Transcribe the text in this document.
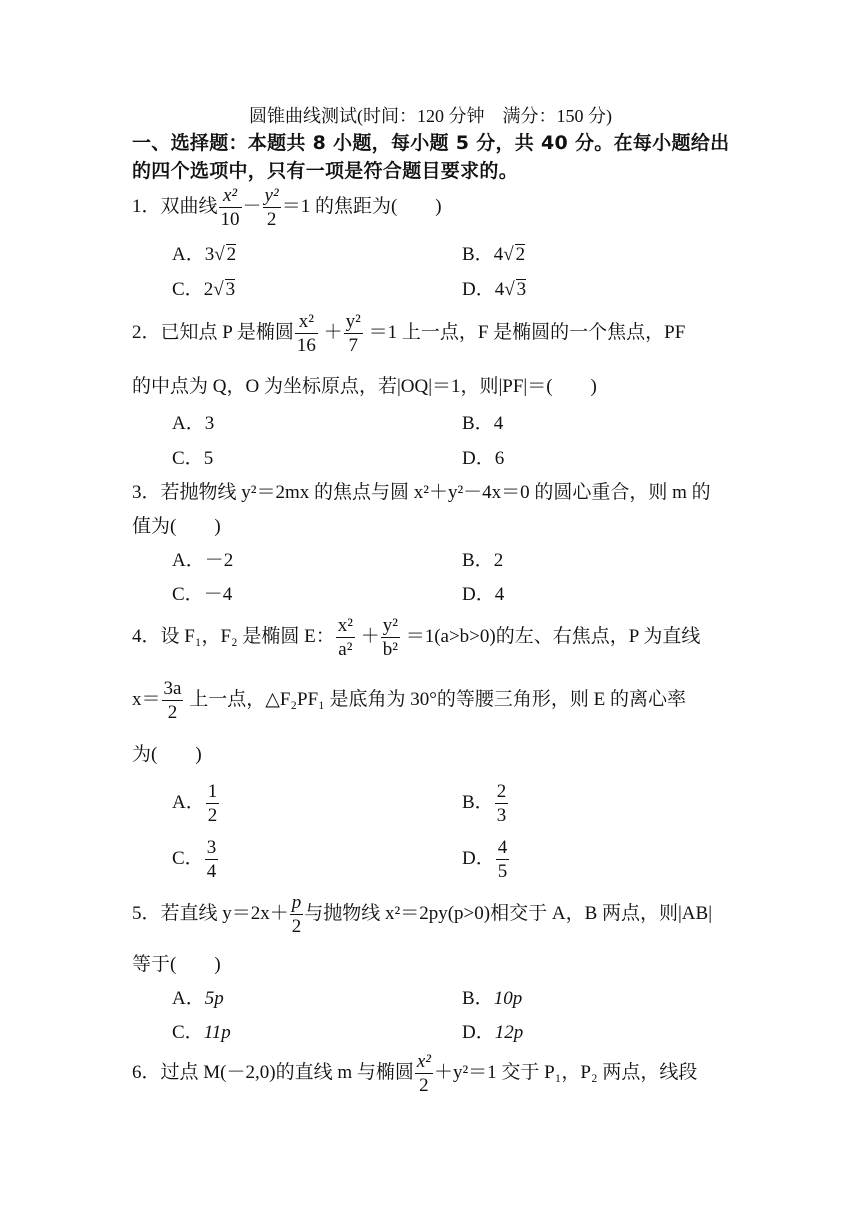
圆锥曲线测试(时间：120 分钟　满分：150 分)
一、选择题：本题共 8 小题，每小题 5 分，共 40 分。在每小题给出
的四个选项中，只有一项是符合题目要求的。
1．双曲线 $\frac{\text{x²}}{10} - \frac{\text{y²}}{2} =1$ 的焦距为(　　)
A．3√ 2	B．4√ 2
C．2√ 3	D．4√ 3
2．已知点 P 是椭圆 $\frac{\text{x²}}{16} + \frac{\text{y²}}{7} =1$ 上一点，F 是椭圆的一个焦点，PF
的中点为 Q，O 为坐标原点，若|OQ|＝1，则|PF|＝(　　)
A．3	B．4
C．5	D．6
3．若抛物线 y²＝2mx 的焦点与圆 x²＋y²－4x＝0 的圆心重合，则 m 的
值为(　　)
A．－2	B．2
C．－4	D．4
4．设 F₁，F₂ 是椭圆 E： $\frac{\text{x²}}{\text{a²}} + \frac{\text{y²}}{\text{b²}} =1(a>b>0)$的左、右焦点，P 为直线
$x= \frac{3a}{2}$ 上一点，△F₂PF₁ 是底角为 30°的等腰三角形，则 E 的离心率
为(　　)
A． $\frac{1}{2}$	B． $\frac{2}{3}$
C． $\frac{3}{4}$	D． $\frac{4}{5}$
5．若直线 $y=2x+ \frac{p}{2}$ 与抛物线 x²＝2py(p>0)相交于 A，B 两点，则|AB|
等于(　　)
A．5p	B．10p
C．11p	D．12p
6．过点 M(－2,0)的直线 m 与椭圆 $\frac{\text{x²}}{2} +y^2=1$ 交于 P₁，P₂ 两点，线段
